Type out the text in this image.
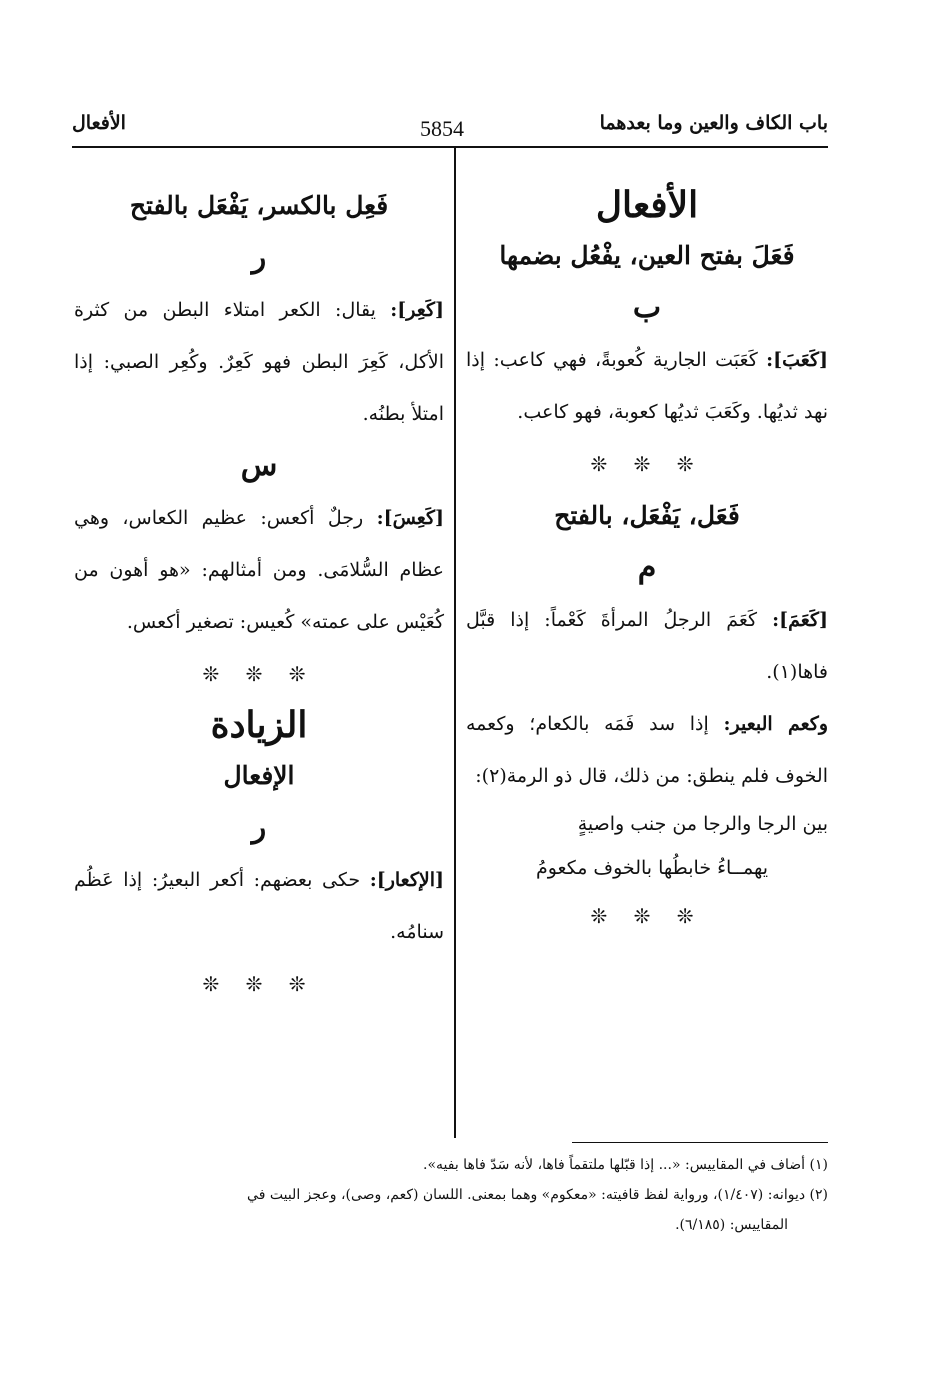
باب الكاف والعين وما بعدهما
5854
الأفعال

الأفعال

فَعَلَ بفتح العين، يفْعُل بضمها

ب

[كَعَبَ]: كَعَبَت الجارية كُعوبةً، فهي كاعب: إذا نهد ثديُها. وكَعَبَ ثديُها كعوبة، فهو كاعب.

❊ ❊ ❊

فَعَل، يَفْعَل، بالفتح

م

[كَعَمَ]: كَعَمَ الرجلُ المرأةَ كَعْماً: إذا قبَّل فاها(١).

وكعم البعير: إذا سد فَمَه بالكعام؛ وكعمه الخوف فلم ينطق: من ذلك، قال ذو الرمة(٢):

بين الرجا والرجا من جنب واصيةٍ
يهمــاءُ خابطُها بالخوف مكعومُ

❊ ❊ ❊

فَعِل بالكسر، يَفْعَل بالفتح

ر

[كَعِر]: يقال: الكعر امتلاء البطن من كثرة الأكل، كَعِرَ البطن فهو كَعِرٌ. وكُعِر الصبي: إذا امتلأ بطنُه.

س

[كَعِسَ]: رجلٌ أكعس: عظيم الكعاس، وهي عظام السُّلامَى. ومن أمثالهم: «هو أهون من كُعَيْس على عمته» كُعيس: تصغير أكعس.

❊ ❊ ❊

الزيادة

الإفعال

ر

[الإكعار]: حكى بعضهم: أكعر البعيرُ: إذا عَظُم سنامُه.

❊ ❊ ❊

(١) أضاف في المقاييس: «... إذا قبّلها ملتقماً فاها، لأنه سَدّ فاها بفيه».

(٢) ديوانه: (١/٤٠٧)، ورواية لفظ قافيته: «معكوم» وهما بمعنى. اللسان (كعم، وصى)، وعجز البيت في

المقاييس: (٦/١٨٥).
